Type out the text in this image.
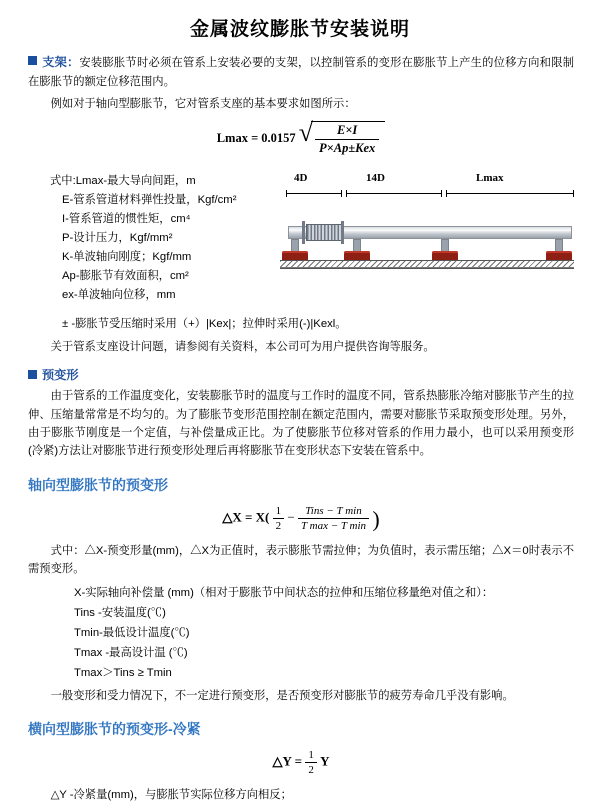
金属波纹膨胀节安装说明

支架：安装膨胀节时必须在管系上安装必要的支架，以控制管系的变形在膨胀节上产生的位移方向和限制在膨胀节的额定位移范围内。

例如对于轴向型膨胀节，它对管系支座的基本要求如图所示：

Lmax = 0.0157 √ $\frac{E\times I}{\text{P×Ap±Kex}}$
式中:Lmax-最大导向间距，m
E-管系管道材料弹性投量，Kgf/cm²
I-管系管道的惯性矩，cm⁴
P-设计压力，Kgf/mm²
K-单波轴向刚度；Kgf/mm
Ap-膨胀节有效面积，cm²
ex-单波轴向位移，mm
4D	14D	Lmax
± -膨胀节受压缩时采用（+）|Kex|；拉伸时采用(-)|Kexl。

关于管系支座设计问题，请参阅有关资料，本公司可为用户提供咨询等服务。

预变形

由于管系的工作温度变化，安装膨胀节时的温度与工作时的温度不同，管系热膨胀冷缩对膨胀节产生的拉伸、压缩量常常是不均匀的。为了膨胀节变形范围控制在额定范围内，需要对膨胀节采取预变形处理。另外，由于膨胀节刚度是一个定值，与补偿量成正比。为了使膨胀节位移对管系的作用力最小，也可以采用预变形(冷紧)方法让对膨胀节进行预变形处理后再将膨胀节在变形状态下安装在管系中。

轴向型膨胀节的预变形
△X = $X( \frac{1}{2} - \frac{\text{Tins − T min}}{\text{T max − T min}}$ )

式中：△X-预变形量(mm)，△X为正值时，表示膨胀节需拉伸；为负值时，表示需压缩；△X＝0时表示不需预变形。

X-实际轴向补偿量 (mm)（相对于膨胀节中间状态的拉伸和压缩位移量绝对值之和）：
Tins -安装温度(℃)
Tmin-最低设计温度(℃)
Tmax -最高设计温 (℃)
Tmax＞Tins ≥ Tmin

一般变形和受力情况下，不一定进行预变形，是否预变形对膨胀节的疲劳寿命几乎没有影响。

横向型膨胀节的预变形-冷紧
△Y = $\frac{1}{2}$ Y

△Y -冷紧量(mm)，与膨胀节实际位移方向相反；
